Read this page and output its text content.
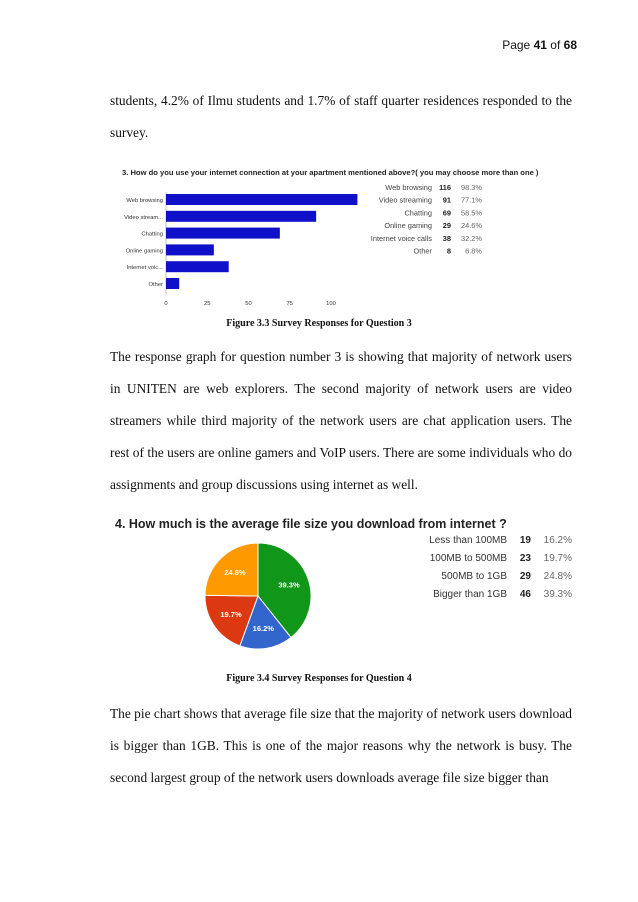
Page 41 of 68

students, 4.2% of Ilmu students and 1.7% of staff quarter residences responded to the survey.

3. How do you use your internet connection at your apartment mentioned above?( you may choose more than one )
Web browsing
Video stream...
Chatting
Online gaming
Internet voic...
Other
0	25	50	75	100
Web browsing 116 98.3%
Video streaming 91 77.1%
Chatting 69 58.5%
Online gaming 29 24.6%
Internet voice calls 38 32.2%
Other 8 6.8%
Figure 3.3 Survey Responses for Question 3

The response graph for question number 3 is showing that majority of network users in UNITEN are web explorers. The second majority of network users are video streamers while third majority of the network users are chat application users. The rest of the users are online gamers and VoIP users. There are some individuals who do assignments and group discussions using internet as well.

4. How much is the average file size you download from internet ?
39.3%
16.2%
19.7%
24.8%
Less than 100MB 19 16.2%
100MB to 500MB 23 19.7%
500MB to 1GB 29 24.8%
Bigger than 1GB 46 39.3%
Figure 3.4 Survey Responses for Question 4

The pie chart shows that average file size that the majority of network users download is bigger than 1GB. This is one of the major reasons why the network is busy. The second largest group of the network users downloads average file size bigger than
